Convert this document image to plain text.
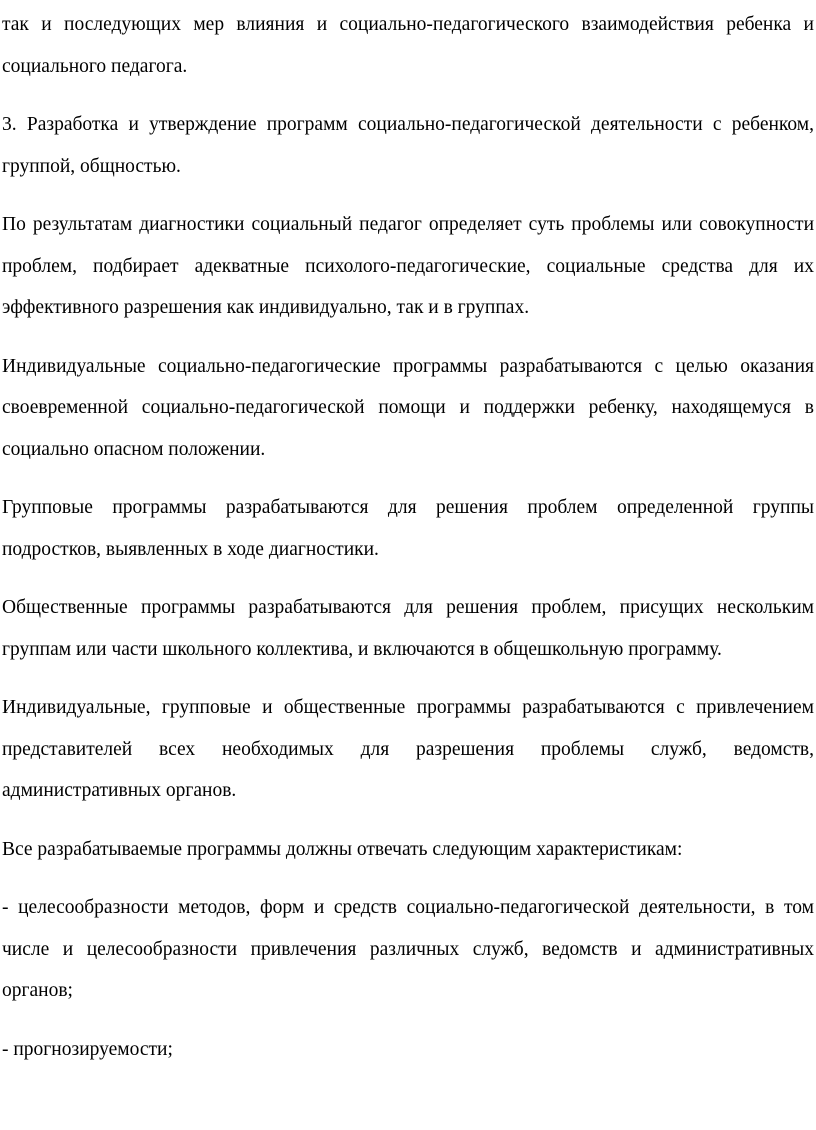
так и последующих мер влияния и социально-педагогического взаимодействия ребенка и социального педагога.

3. Разработка и утверждение программ социально-педагогической деятельности с ребенком, группой, общностью.

По результатам диагностики социальный педагог определяет суть проблемы или совокупности проблем, подбирает адекватные психолого-педагогические, социальные средства для их эффективного разрешения как индивидуально, так и в группах.

Индивидуальные социально-педагогические программы разрабатываются с целью оказания своевременной социально-педагогической помощи и поддержки ребенку, находящемуся в социально опасном положении.

Групповые программы разрабатываются для решения проблем определенной группы подростков, выявленных в ходе диагностики.

Общественные программы разрабатываются для решения проблем, присущих нескольким группам или части школьного коллектива, и включаются в общешкольную программу.

Индивидуальные, групповые и общественные программы разрабатываются с привлечением представителей всех необходимых для разрешения проблемы служб, ведомств, административных органов.

Все разрабатываемые программы должны отвечать следующим характеристикам:

- целесообразности методов, форм и средств социально-педагогической деятельности, в том числе и целесообразности привлечения различных служб, ведомств и административных органов;

- прогнозируемости;
